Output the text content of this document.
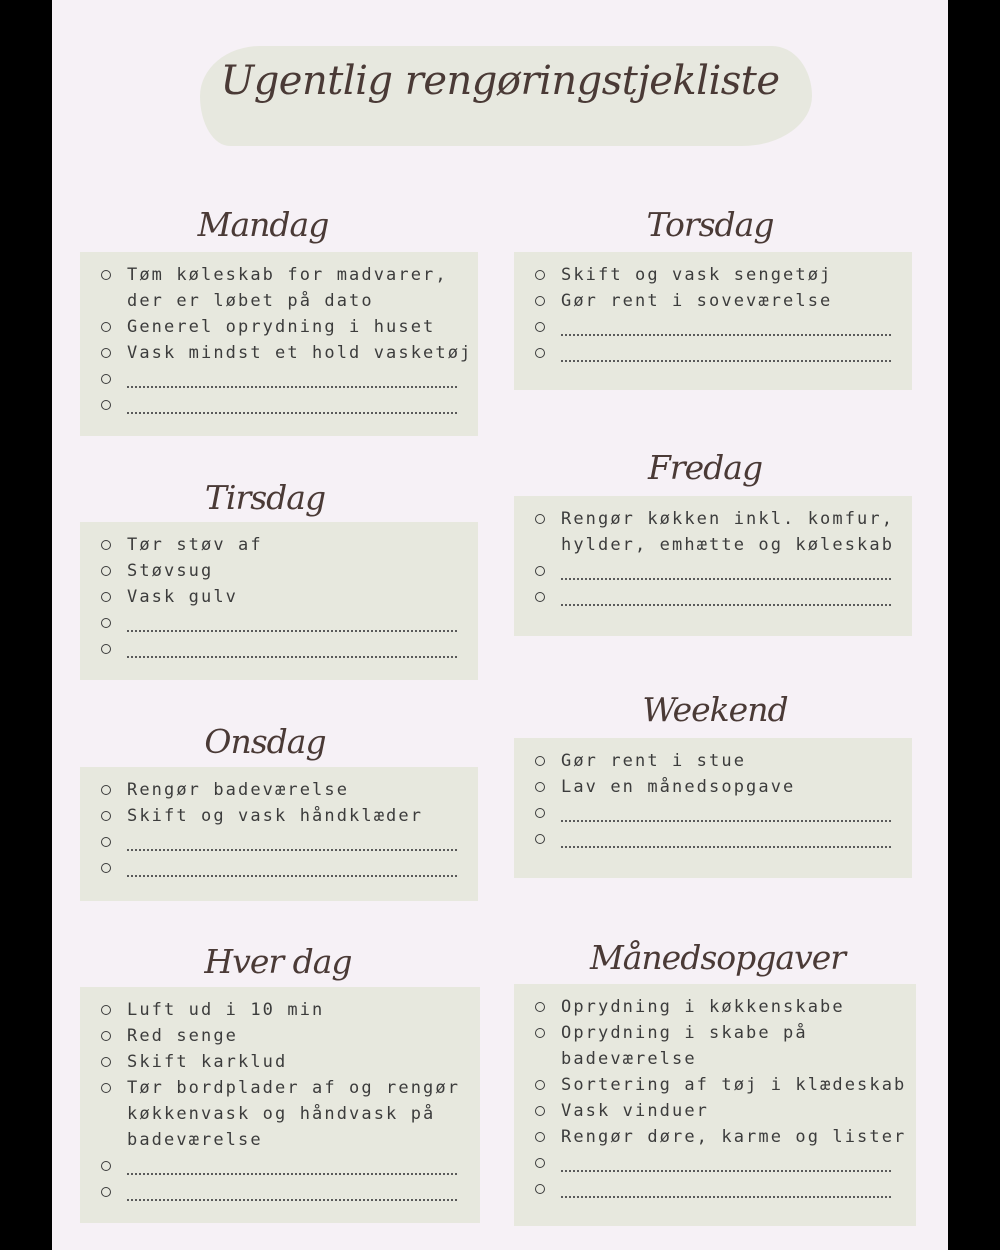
Ugentlig rengøringstjekliste
Mandag
Tøm køleskab for madvarer,
der er løbet på dato
Generel oprydning i huset
Vask mindst et hold vasketøj
Tirsdag
Tør støv af
Støvsug
Vask gulv
Onsdag
Rengør badeværelse
Skift og vask håndklæder
Hver dag
Luft ud i 10 min
Red senge
Skift karklud
Tør bordplader af og rengør
køkkenvask og håndvask på
badeværelse
Torsdag
Skift og vask sengetøj
Gør rent i soveværelse
Fredag
Rengør køkken inkl. komfur,
hylder, emhætte og køleskab
Weekend
Gør rent i stue
Lav en månedsopgave
Månedsopgaver
Oprydning i køkkenskabe
Oprydning i skabe på
badeværelse
Sortering af tøj i klædeskab
Vask vinduer
Rengør døre, karme og lister
